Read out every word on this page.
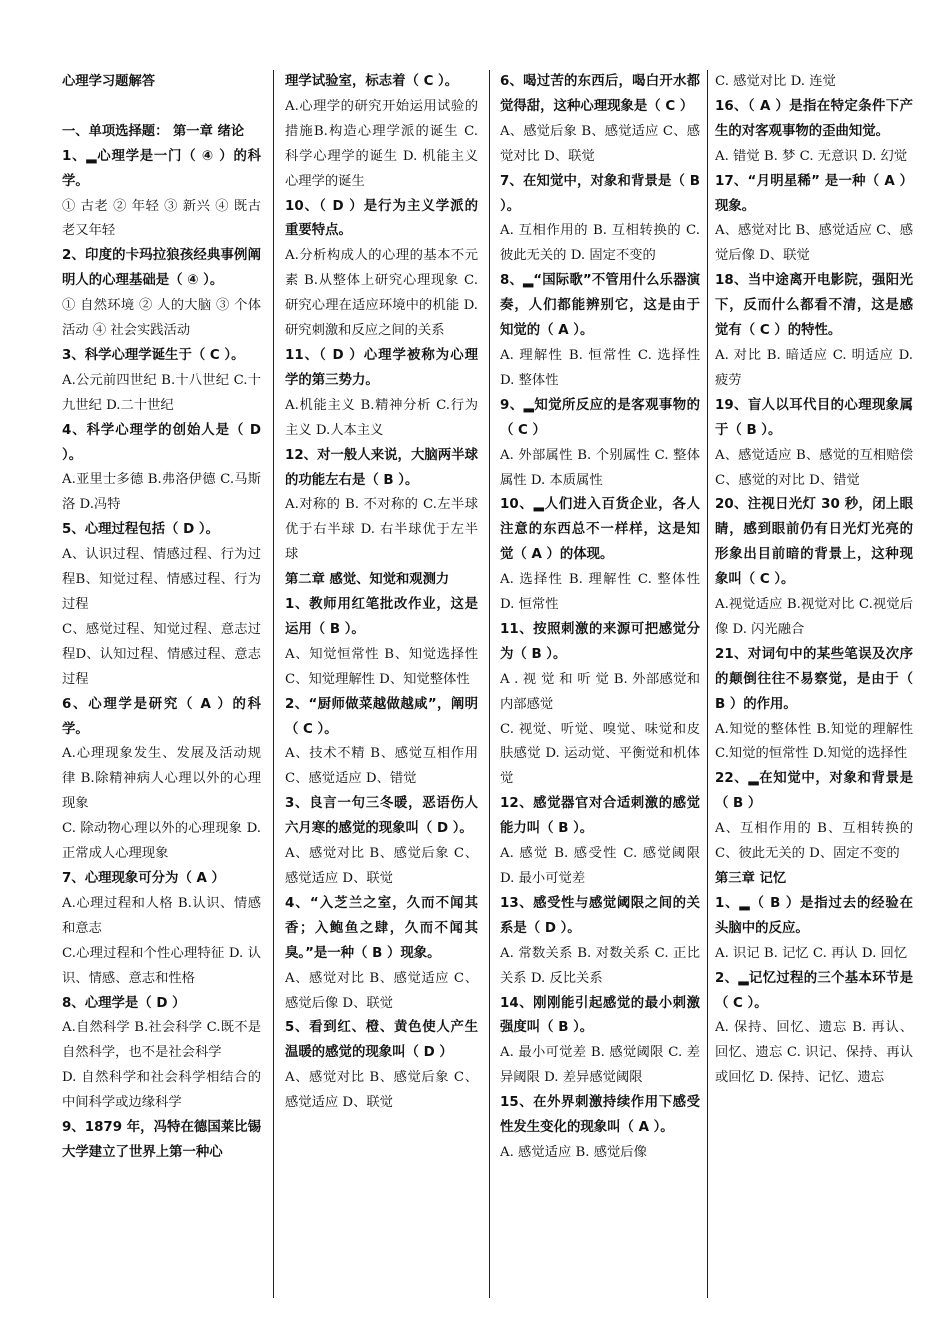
心理学习题解答

一、单项选择题： 第一章 绪论

1、▂心理学是一门（ ④ ）的科学。

① 古老 ② 年轻 ③ 新兴 ④ 既古老又年轻

2、印度的卡玛拉狼孩经典事例阐明人的心理基础是（ ④ ）。

① 自然环境 ② 人的大脑 ③ 个体活动 ④ 社会实践活动

3、科学心理学诞生于（ C ）。

A.公元前四世纪 B.十八世纪 C.十九世纪 D.二十世纪

4、科学心理学的创始人是（ D ）。

A.亚里士多德 B.弗洛伊德 C.马斯洛 D.冯特

5、心理过程包括（ D ）。

A、认识过程、情感过程、行为过程B、知觉过程、情感过程、行为过程

C、感觉过程、知觉过程、意志过程D、认知过程、情感过程、意志过程

6、心理学是研究（ A ）的科学。

A.心理现象发生、发展及活动规律 B.除精神病人心理以外的心理现象

C. 除动物心理以外的心理现象 D. 正常成人心理现象

7、心理现象可分为（ A ）

A.心理过程和人格 B.认识、情感和意志

C.心理过程和个性心理特征 D. 认识、情感、意志和性格

8、心理学是（ D ）

A.自然科学 B.社会科学 C.既不是自然科学，也不是社会科学

D. 自然科学和社会科学相结合的中间科学或边缘科学

9、1879 年，冯特在德国莱比锡大学建立了世界上第一种心

理学试验室，标志着（ C ）。

A.心理学的研究开始运用试验的措施B.构造心理学派的诞生 C. 科学心理学的诞生 D. 机能主义心理学的诞生

10、（ D ）是行为主义学派的重要特点。

A.分析构成人的心理的基本不元素 B.从整体上研究心理现象 C.研究心理在适应环境中的机能 D.研究刺激和反应之间的关系

11、（ D ）心理学被称为心理学的第三势力。

A.机能主义 B.精神分析 C.行为主义 D.人本主义

12、对一般人来说，大脑两半球的功能左右是（ B ）。

A.对称的 B. 不对称的 C.左半球优于右半球 D. 右半球优于左半球

第二章 感觉、知觉和观测力

1、教师用红笔批改作业，这是运用（ B ）。

A、知觉恒常性 B、知觉选择性 C、知觉理解性 D、知觉整体性

2、“厨师做菜越做越咸”，阐明（ C ）。

A、技术不精 B、感觉互相作用 C、感觉适应 D、错觉

3、良言一句三冬暖，恶语伤人六月寒的感觉的现象叫（ D ）。

A、感觉对比 B、感觉后象 C、感觉适应 D、联觉

4、“入芝兰之室，久而不闻其香；入鲍鱼之肆，久而不闻其臭。”是一种（ B ）现象。

A、感觉对比 B、感觉适应 C、感觉后像 D、联觉

5、看到红、橙、黄色使人产生温暖的感觉的现象叫（ D ）

A、感觉对比 B、感觉后象 C、感觉适应 D、联觉

6、喝过苦的东西后，喝白开水都觉得甜，这种心理现象是（ C ）

A、感觉后象 B、感觉适应 C、感觉对比 D、联觉

7、在知觉中，对象和背景是（ B ）。

A. 互相作用的 B. 互相转换的 C. 彼此无关的 D. 固定不变的

8、▂“国际歌”不管用什么乐器演奏，人们都能辨别它，这是由于知觉的（ A ）。

A. 理解性 B. 恒常性 C. 选择性 D. 整体性

9、▂知觉所反应的是客观事物的（ C ）

A. 外部属性 B. 个别属性 C. 整体属性 D. 本质属性

10、▂人们进入百货企业，各人注意的东西总不一样样，这是知觉（ A ）的体现。

A. 选择性 B. 理解性 C. 整体性 D. 恒常性

11、按照刺激的来源可把感觉分为（ B ）。

A . 视 觉 和 听 觉 B. 外部感觉和内部感觉

C. 视觉、听觉、嗅觉、味觉和皮肤感觉 D. 运动觉、平衡觉和机体觉

12、感觉器官对合适刺激的感觉能力叫（ B ）。

A. 感觉 B. 感受性 C. 感觉阈限 D. 最小可觉差

13、感受性与感觉阈限之间的关系是（ D ）。

A. 常数关系 B. 对数关系 C. 正比关系 D. 反比关系

14、刚刚能引起感觉的最小刺激强度叫（ B ）。

A. 最小可觉差 B. 感觉阈限 C. 差异阈限 D. 差异感觉阈限

15、在外界刺激持续作用下感受性发生变化的现象叫（ A ）。

A. 感觉适应 B. 感觉后像

C. 感觉对比 D. 连觉

16、（ A ）是指在特定条件下产生的对客观事物的歪曲知觉。

A. 错觉 B. 梦 C. 无意识 D. 幻觉

17、“月明星稀” 是一种（ A ）现象。

A、感觉对比 B、感觉适应 C、感觉后像 D、联觉

18、当中途离开电影院，强阳光下，反而什么都看不清，这是感觉有（ C ）的特性。

A. 对比 B. 暗适应 C. 明适应 D. 疲劳

19、盲人以耳代目的心理现象属于（ B ）。

A、感觉适应 B、感觉的互相赔偿 C、感觉的对比 D、错觉

20、注视日光灯 30 秒，闭上眼睛，感到眼前仍有日光灯光亮的形象出目前暗的背景上，这种现象叫（ C ）。

A.视觉适应 B.视觉对比 C.视觉后像 D. 闪光融合

21、对词句中的某些笔误及次序的颠倒往往不易察觉，是由于（ B ）的作用。

A.知觉的整体性 B.知觉的理解性 C.知觉的恒常性 D.知觉的选择性

22、▂在知觉中，对象和背景是 （ B ）

A、互相作用的 B、互相转换的 C、彼此无关的 D、固定不变的

第三章 记忆

1、▂（ B ）是指过去的经验在头脑中的反应。

A. 识记 B. 记忆 C. 再认 D. 回忆

2、▂记忆过程的三个基本环节是（ C ）。

A. 保持、回忆、遗忘 B. 再认、回忆、遗忘 C. 识记、保持、再认或回忆 D. 保持、记忆、遗忘
